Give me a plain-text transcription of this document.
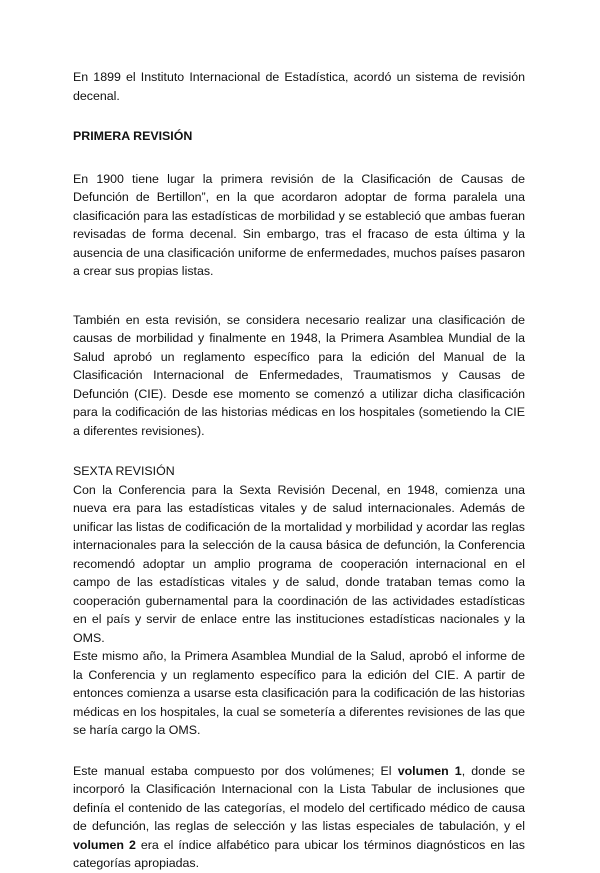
En 1899 el Instituto Internacional de Estadística, acordó un sistema de revisión decenal.

PRIMERA REVISIÓN

En 1900 tiene lugar la primera revisión de la Clasificación de Causas de Defunción de Bertillon”, en la que acordaron adoptar de forma paralela una clasificación para las estadísticas de morbilidad y se estableció que ambas fueran revisadas de forma decenal. Sin embargo, tras el fracaso de esta última y la ausencia de una clasificación uniforme de enfermedades, muchos países pasaron a crear sus propias listas.

También en esta revisión, se considera necesario realizar una clasificación de causas de morbilidad y finalmente en 1948, la Primera Asamblea Mundial de la Salud aprobó un reglamento específico para la edición del Manual de la Clasificación Internacional de Enfermedades, Traumatismos y Causas de Defunción (CIE). Desde ese momento se comenzó a utilizar dicha clasificación para la codificación de las historias médicas en los hospitales (sometiendo la CIE a diferentes revisiones).

SEXTA REVISIÓN

Con la Conferencia para la Sexta Revisión Decenal, en 1948, comienza una nueva era para las estadísticas vitales y de salud internacionales. Además de unificar las listas de codificación de la mortalidad y morbilidad y acordar las reglas internacionales para la selección de la causa básica de defunción, la Conferencia recomendó adoptar un amplio programa de cooperación internacional en el campo de las estadísticas vitales y de salud, donde trataban temas como la cooperación gubernamental para la coordinación de las actividades estadísticas en el país y servir de enlace entre las instituciones estadísticas nacionales y la OMS.

Este mismo año, la Primera Asamblea Mundial de la Salud, aprobó el informe de la Conferencia y un reglamento específico para la edición del CIE. A partir de entonces comienza a usarse esta clasificación para la codificación de las historias médicas en los hospitales, la cual se sometería a diferentes revisiones de las que se haría cargo la OMS.

Este manual estaba compuesto por dos volúmenes; El volumen 1, donde se incorporó la Clasificación Internacional con la Lista Tabular de inclusiones que definía el contenido de las categorías, el modelo del certificado médico de causa de defunción, las reglas de selección y las listas especiales de tabulación, y el volumen 2 era el índice alfabético para ubicar los términos diagnósticos en las categorías apropiadas.
